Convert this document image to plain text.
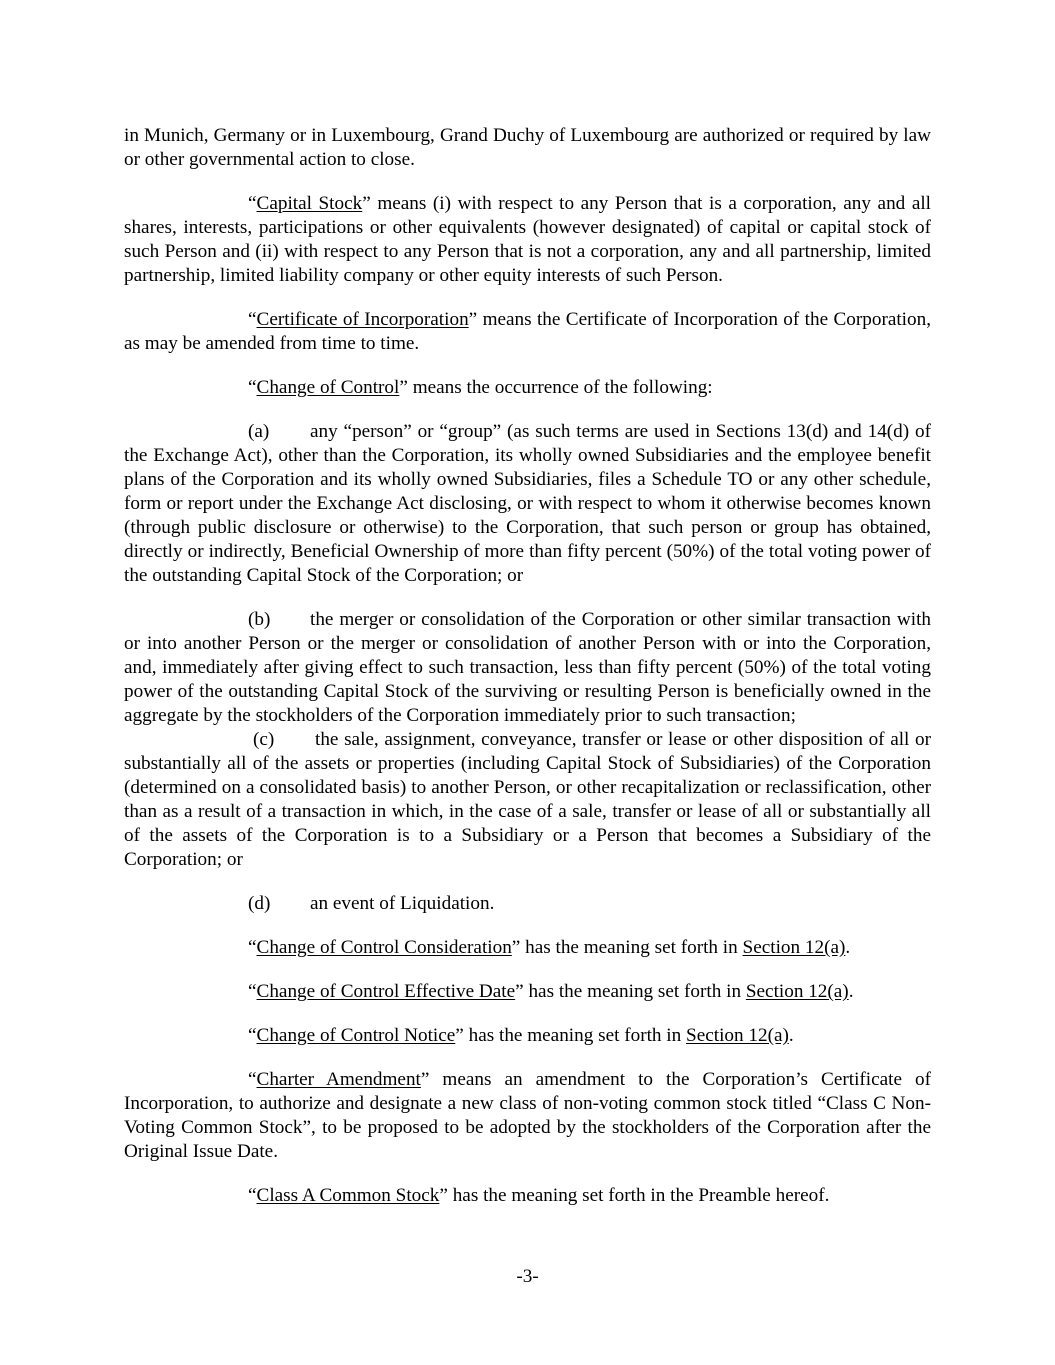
in Munich, Germany or in Luxembourg, Grand Duchy of Luxembourg are authorized or required by law or other governmental action to close.

“Capital Stock” means (i) with respect to any Person that is a corporation, any and all shares, interests, participations or other equivalents (however designated) of capital or capital stock of such Person and (ii) with respect to any Person that is not a corporation, any and all partnership, limited partnership, limited liability company or other equity interests of such Person.

“Certificate of Incorporation” means the Certificate of Incorporation of the Corporation, as may be amended from time to time.

“Change of Control” means the occurrence of the following:

(a) any “person” or “group” (as such terms are used in Sections 13(d) and 14(d) of the Exchange Act), other than the Corporation, its wholly owned Subsidiaries and the employee benefit plans of the Corporation and its wholly owned Subsidiaries, files a Schedule TO or any other schedule, form or report under the Exchange Act disclosing, or with respect to whom it otherwise becomes known (through public disclosure or otherwise) to the Corporation, that such person or group has obtained, directly or indirectly, Beneficial Ownership of more than fifty percent (50%) of the total voting power of the outstanding Capital Stock of the Corporation; or

(b) the merger or consolidation of the Corporation or other similar transaction with or into another Person or the merger or consolidation of another Person with or into the Corporation, and, immediately after giving effect to such transaction, less than fifty percent (50%) of the total voting power of the outstanding Capital Stock of the surviving or resulting Person is beneficially owned in the aggregate by the stockholders of the Corporation immediately prior to such transaction;

(c) the sale, assignment, conveyance, transfer or lease or other disposition of all or substantially all of the assets or properties (including Capital Stock of Subsidiaries) of the Corporation (determined on a consolidated basis) to another Person, or other recapitalization or reclassification, other than as a result of a transaction in which, in the case of a sale, transfer or lease of all or substantially all of the assets of the Corporation is to a Subsidiary or a Person that becomes a Subsidiary of the Corporation; or

(d) an event of Liquidation.

“Change of Control Consideration” has the meaning set forth in Section 12(a).

“Change of Control Effective Date” has the meaning set forth in Section 12(a).

“Change of Control Notice” has the meaning set forth in Section 12(a).

“Charter Amendment” means an amendment to the Corporation’s Certificate of Incorporation, to authorize and designate a new class of non-voting common stock titled “Class C Non-Voting Common Stock”, to be proposed to be adopted by the stockholders of the Corporation after the Original Issue Date.

“Class A Common Stock” has the meaning set forth in the Preamble hereof.

-3-
